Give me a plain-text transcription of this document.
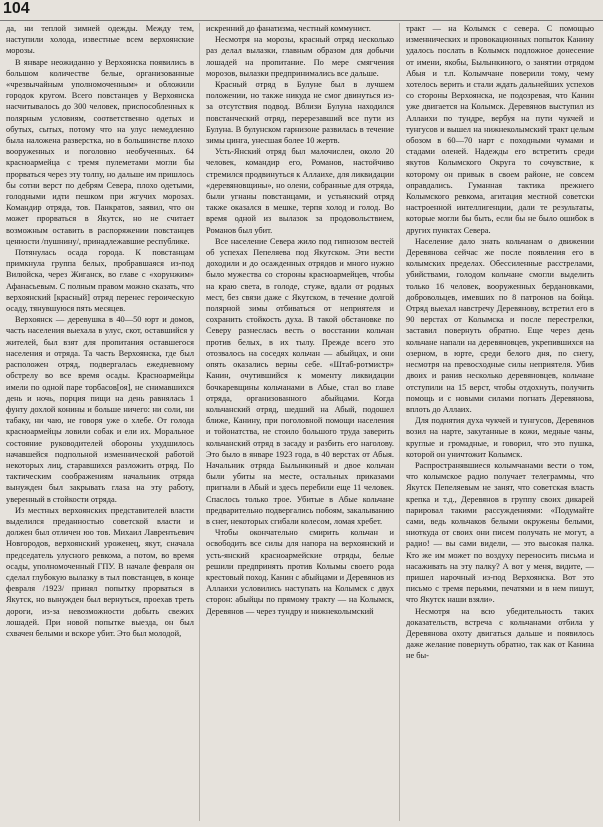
104

да, ни теплой зимней одежды. Между тем, наступили холода, известные всем верхоянские морозы.

В январе неожиданно у Верхоянска появились в большом количестве белые, организованные «чрезвычайным уполномоченным» и обложили городок кругом. Всего повстанцев у Верхоянска насчитывалось до 300 человек, приспособленных к полярным условиям, соответственно одетых и обутых, сытых, потому что на улус немедленно была наложена разверстка, но в большинстве плохо вооруженных и поголовно необученных. 64 красноармейца с тремя пулеметами могли бы прорваться через эту толпу, но дальше им пришлось бы сотни верст по дебрям Севера, плохо одетыми, голодными идти пешком при жгучих морозах. Командир отряда, тов. Панкратов, заявил, что он может прорваться в Якутск, но не считает возможным оставить в распоряжении повстанцев ценности /пушнину/, принадлежавшие республике.

Потянулась осада города. К повстанцам примкнула группа белых, пробравшаяся из-под Вилюйска, через Жиганск, во главе с «хорунжим» Афанасьевым. С полным правом можно сказать, что верхоянский [красный] отряд перенес героическую осаду, тянувшуюся пять месяцев.

Верхоянск — деревушка в 40—50 юрт и домов, часть населения выехала в улус, скот, оставшийся у жителей, был взят для пропитания оставшегося населения и отряда. Та часть Верхоянска, где был расположен отряд, подвергалась ежедневному обстрелу во все время осады. Красноармейцы имели по одной паре торбасов[оя], не снимавшихся день и ночь, порция пищи на день равнялась 1 фунту дохлой конины и больше ничего: ни соли, ни табаку, ни чаю, не говоря уже о хлебе. От голода красноармейцы ловили собак и ели их. Моральное состояние руководителей обороны ухудшилось начавшейся подпольной изменнической работой некоторых лиц, старавшихся разложить отряд. По тактическим соображениям начальник отряда вынужден был закрывать глаза на эту работу, уверенный в стойкости отряда.

Из местных верхоянских представителей власти выделился преданностью советской власти и должен был отличен юо тов. Михаил Лаврентьевич Новгородов, верхоянский уроженец, якут, сначала председатель улусного ревкома, а потом, во время осады, уполномоченный ГПУ. В начале февраля он сделал глубокую вылазку в тыл повстанцев, в конце февраля /1923/ принял попытку прорваться в Якутск, но вынужден был вернуться, проехав треть дороги, из-за невозможности добыть свежих лошадей. При новой попытке выезда, он был схвачен белыми и вскоре убит. Это был молодой,

искренний до фанатизма, честный коммунист.

Несмотря на морозы, красный отряд несколько раз делал вылазки, главным образом для добычи лошадей на пропитание. По мере смягчения морозов, вылазки предпринимались все дальше.

Красный отряд в Булуне был в лучшем положении, но также никуда не смог двинуться из-за отсутствия подвод. Вблизи Булуна находился повстанческий отряд, перерезавший все пути из Булуна. В булунском гарнизоне развилась в течение зимы цинга, унесшая более 10 жертв.

Усть-Янский отряд был малочислен, около 20 человек, командир его, Романов, настойчиво стремился продвинуться к Аллаихе, для ликвидации «деревяновщины», но олени, собранные для отряда, были угнаны повстанцами, и устьянский отряд также оказался в мешке, терпя холод и голод. Во время одной из вылазок за продовольствием, Романов был убит.

Все население Севера жило под гипнозом вестей об успехах Пепеляева под Якутском. Эти вести доходили и до осажденных отрядов и много нужно было мужества со стороны красноармейцев, чтобы на краю света, в голоде, стуже, вдали от родных мест, без связи даже с Якутском, в течение долгой полярной зимы отбиваться от неприятеля и сохранить стойкость духа. В такой обстановке по Северу разнеслась весть о восстании кольчан против белых, в их тылу. Прежде всего это отозвалось на соседях кольчан — абыйцах, и они опять оказались верны себе. «Штаб-ротмистр» Канин, очутившийся к моменту ликвидации бочкаревщины кольчанами в Абые, стал во главе отряда, организованного абыйцами. Когда кольчанский отряд, шедший на Абый, подошел ближе, Канину, при поголовной помощи населения и тойонатства, не стоило большого труда заверить кольчанский отряд в засаду и разбить его наголову. Это было в январе 1923 года, в 40 верстах от Абыя. Начальник отряда Былынкиный и двое кольчан были убиты на месте, остальных приказами пригнали в Абый и здесь перебили еще 11 человек. Спаслось только трое. Убитые в Абые кольчане предварительно подвергались побоям, закалыванию в снег, некоторых сгибали колесом, ломая хребет.

Чтобы окончательно смирить кольчан и освободить все силы для напора на верхоянский и усть-янский красноармейские отряды, белые решили предпринять против Колымы своего рода крестовый поход. Канин с абыйцами и Деревянов из Аллаихи условились наступать на Колымск с двух сторон: абыйцы по прямому тракту — на Колымск, Деревянов — через тундру и нижнеколымский

тракт — на Колымск с севера. С помощью изменнических и провокационных попыток Канину удалось послать в Колымск подложное донесение от имени, якобы, Былынкиного, о занятии отрядом Абыя и т.п. Колымчане поверили тому, чему хотелось верить и стали ждать дальнейших успехов со стороны Верхоянска, не подозревая, что Канин уже двигается на Колымск. Деревянов выступил из Аллаихи по тундре, вербуя на пути чукчей и тунгусов и вышел на нижнеколымский тракт целым обозом в 60—70 нарт с походными чумами и стадами оленей. Надежды его встретить среди якутов Колымского Округа то сочувствие, к которому он привык в своем районе, не совсем оправдались. Гуманная тактика прежнего Колымского ревкома, агитация местной советски настроенной интеллигенции, дали те результаты, которые могли бы быть, если бы не было ошибок в других пунктах Севера.

Население дало знать кольчанам о движении Деревянова сейчас же после появления его в колымских пределах. Обессиленные расстрелами, убийствами, голодом кольчане смогли выделить только 16 человек, вооруженных бердановками, добровольцев, имевших по 8 патронов на бойца. Отряд выехал навстречу Деревянову, встретил его в 90 верстах от Колымска и после перестрелки, заставил повернуть обратно. Еще через день кольчане напали на деревяновцев, укрепившихся на озерном, в юрте, среди белого дня, по снегу, несмотря на превосходные силы неприятеля. Убив двоих и ранив несколько деревяновцев, кольчане отступили на 15 верст, чтобы отдохнуть, получить помощь и с новыми силами погнать Деревянова, вплоть до Аллаих.

Для поднятия духа чукчей и тунгусов, Деревянов возил на нарте, закутанные в кожи, медные чаны, круглые и громадные, и говорил, что это пушка, которой он уничтожит Колымск.

Распространявшиеся колымчанами вести о том, что колымское радио получает телеграммы, что Якутск Пепеляевым не занят, что советская власть крепка и т.д., Деревянов в группу своих дикарей парировал такими рассуждениями: «Подумайте сами, ведь кольчаков белыми окружены белыми, ниоткуда от своих они писем получать не могут, а радио! — вы сами видели, — это высокая палка. Кто же им может по воздуху переносить письма и насаживать на эту палку? А вот у меня, видите, — пришел нарочный из-под Верхоянска. Вот это письмо с тремя перьями, печатями и в нем пишут, что Якутск наши взяли».

Несмотря на всю убедительность таких доказательств, встреча с кольчанами отбила у Деревянова охоту двигаться дальше и появилось даже желание повернуть обратно, так как от Канина не бы-
